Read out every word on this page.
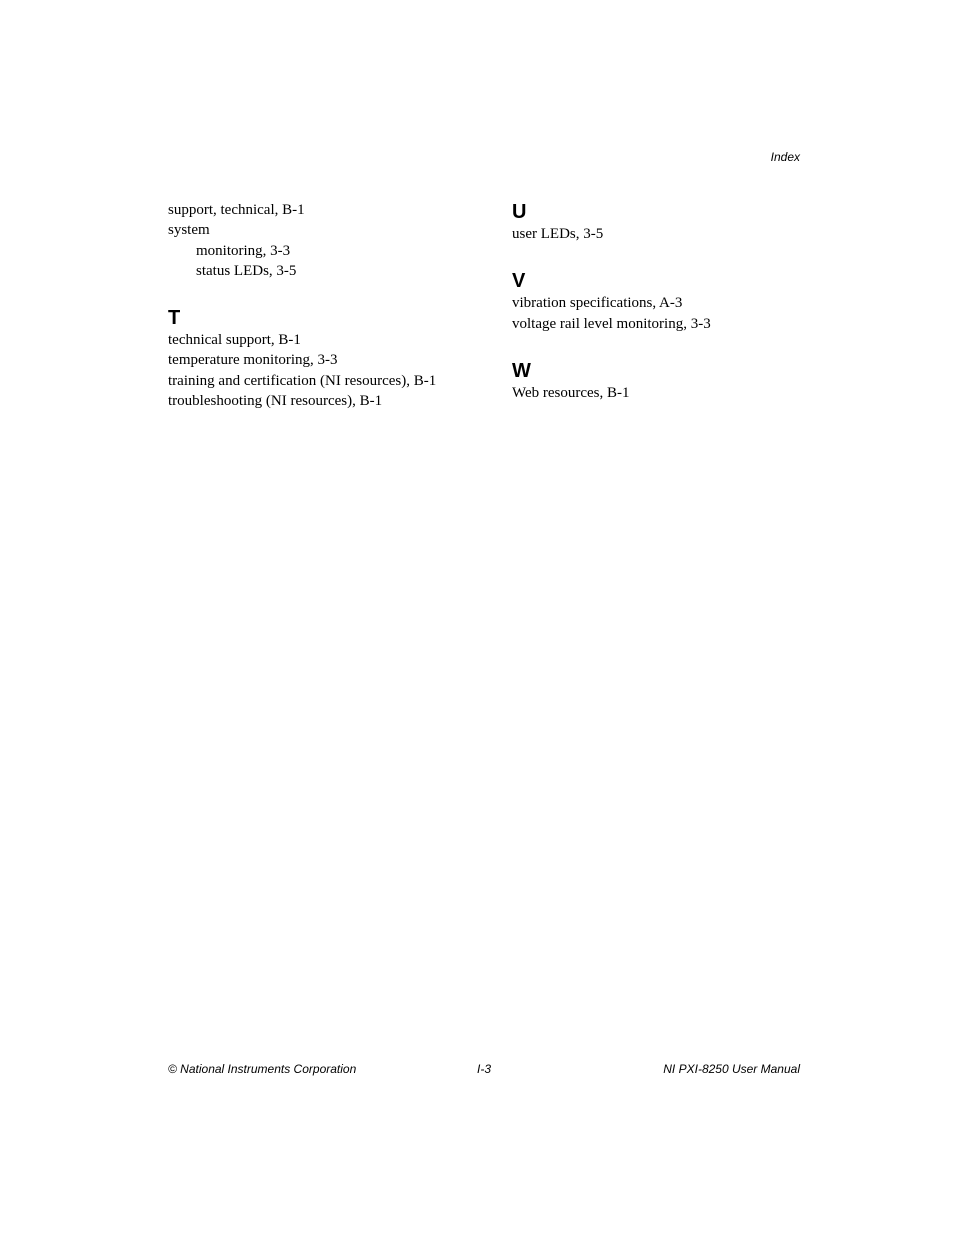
Index
support, technical, B-1
system
monitoring, 3-3
status LEDs, 3-5
T
technical support, B-1
temperature monitoring, 3-3
training and certification (NI resources), B-1
troubleshooting (NI resources), B-1
U
user LEDs, 3-5
V
vibration specifications, A-3
voltage rail level monitoring, 3-3
W
Web resources, B-1
© National Instruments Corporation	I-3	NI PXI-8250 User Manual
